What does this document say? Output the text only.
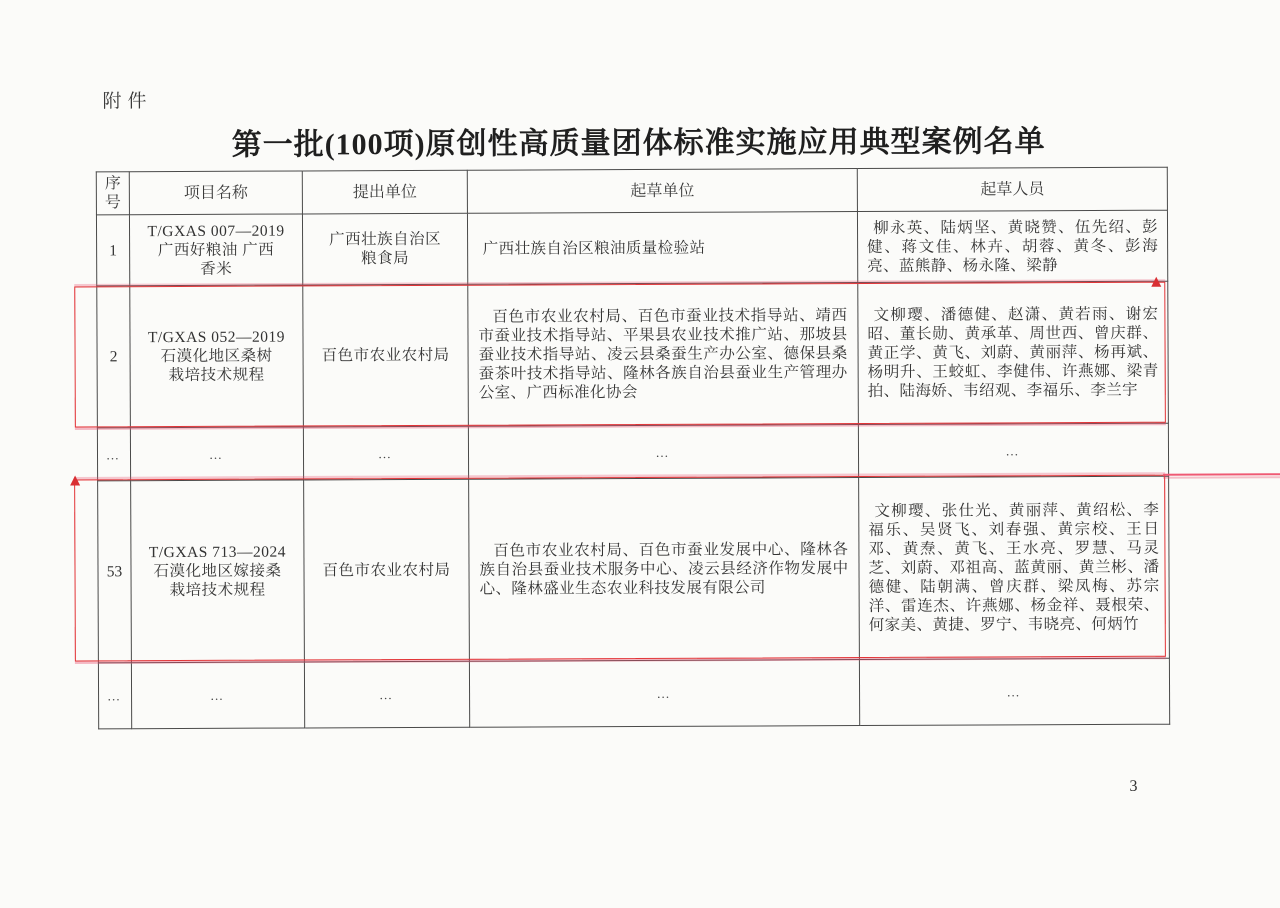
附件
第一批(100项)原创性高质量团体标准实施应用典型案例名单
序号	项目名称	提出单位	起草单位	起草人员
1	T/GXAS 007—2019
广西好粮油 广西
香米	广西壮族自治区
粮食局	广西壮族自治区粮油质量检验站	柳永英、陆炳坚、黄晓赞、伍先绍、彭健、蒋文佳、林卉、胡蓉、黄冬、彭海亮、蓝熊静、杨永隆、梁静
2	T/GXAS 052—2019
石漠化地区桑树
栽培技术规程	百色市农业农村局	百色市农业农村局、百色市蚕业技术指导站、靖西市蚕业技术指导站、平果县农业技术推广站、那坡县蚕业技术指导站、凌云县桑蚕生产办公室、德保县桑蚕茶叶技术指导站、隆林各族自治县蚕业生产管理办公室、广西标准化协会	文柳璎、潘德健、赵潇、黄若雨、谢宏昭、董长勋、黄承革、周世西、曾庆群、黄正学、黄飞、刘蔚、黄丽萍、杨再斌、杨明升、王蛟虹、李健伟、许燕娜、梁青拍、陆海娇、韦绍观、李福乐、李兰宇
…	…	…	…	…
53	T/GXAS 713—2024
石漠化地区嫁接桑
栽培技术规程	百色市农业农村局	百色市农业农村局、百色市蚕业发展中心、隆林各族自治县蚕业技术服务中心、凌云县经济作物发展中心、隆林盛业生态农业科技发展有限公司	文柳璎、张仕光、黄丽萍、黄绍松、李福乐、吴贤飞、刘春强、黄宗校、王日邓、黄焘、黄飞、王水亮、罗慧、马灵芝、刘蔚、邓祖高、蓝黄丽、黄兰彬、潘德健、陆朝满、曾庆群、梁凤梅、苏宗洋、雷连杰、许燕娜、杨金祥、聂根荣、何家美、黄捷、罗宁、韦晓亮、何炳竹
…	…	…	…	…
3
